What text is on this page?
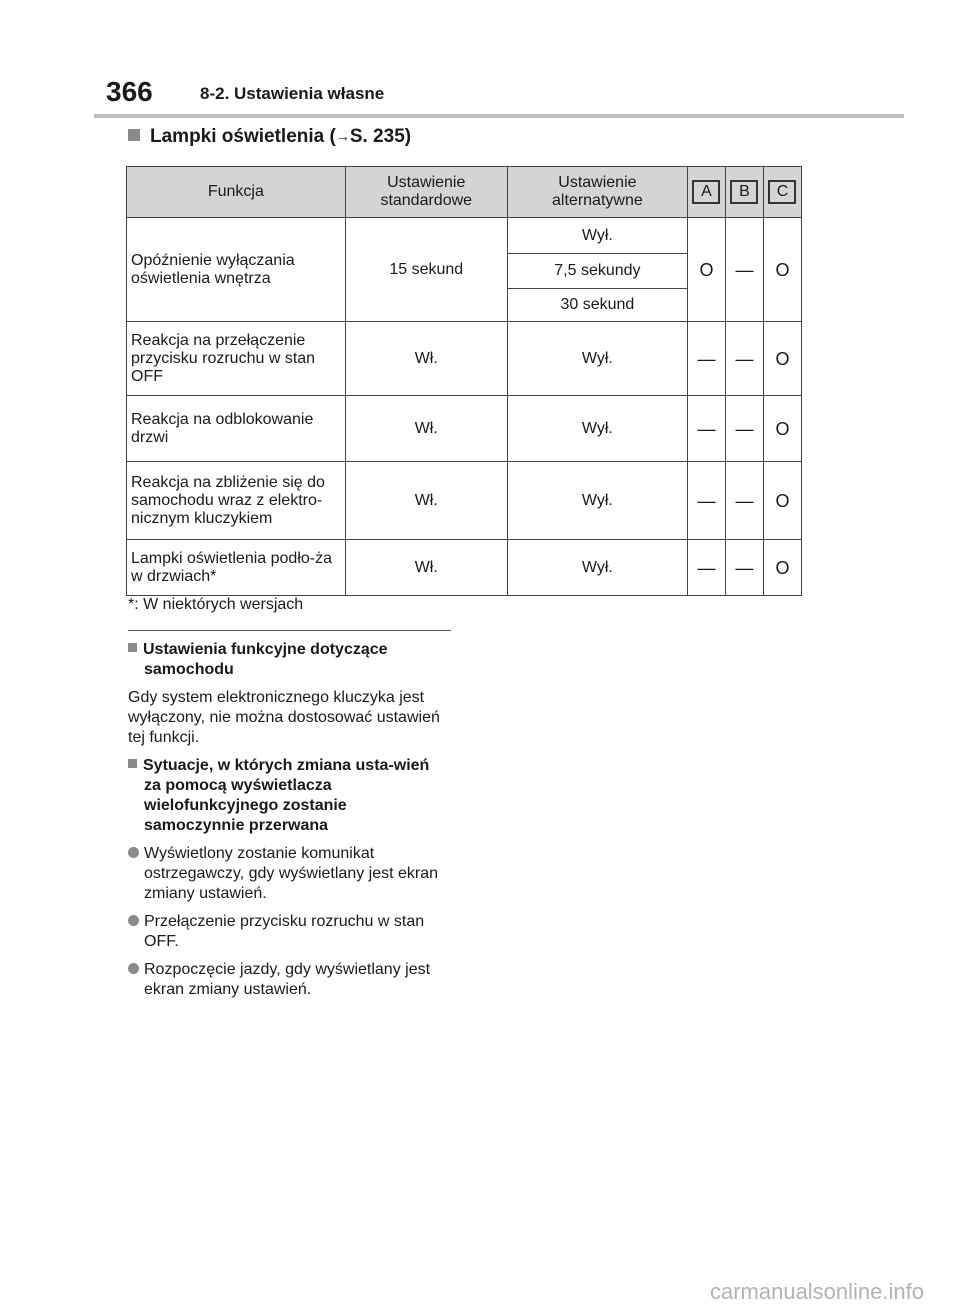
366	8-2. Ustawienia własne
Lampki oświetlenia (→S. 235)
Funkcja	Ustawienie standardowe	Ustawienie alternatywne	A	B	C
Opóźnienie wyłączania oświetlenia wnętrza	15 sekund	Wył.	O	—	O
		7,5 sekundy			
		30 sekund			
Reakcja na przełączenie przycisku rozruchu w stan OFF	Wł.	Wył.	—	—	O
Reakcja na odblokowanie drzwi	Wł.	Wył.	—	—	O
Reakcja na zbliżenie się do samochodu wraz z elektro-nicznym kluczykiem	Wł.	Wył.	—	—	O
Lampki oświetlenia podło-ża w drzwiach*	Wł.	Wył.	—	—	O
*: W niektórych wersjach
Ustawienia funkcyjne dotyczące samochodu
Gdy system elektronicznego kluczyka jest wyłączony, nie można dostosować ustawień tej funkcji.
Sytuacje, w których zmiana usta-wień za pomocą wyświetlacza wielofunkcyjnego zostanie samoczynnie przerwana
Wyświetlony zostanie komunikat ostrzegawczy, gdy wyświetlany jest ekran zmiany ustawień.
Przełączenie przycisku rozruchu w stan OFF.
Rozpoczęcie jazdy, gdy wyświetlany jest ekran zmiany ustawień.
carmanualsonline.info
